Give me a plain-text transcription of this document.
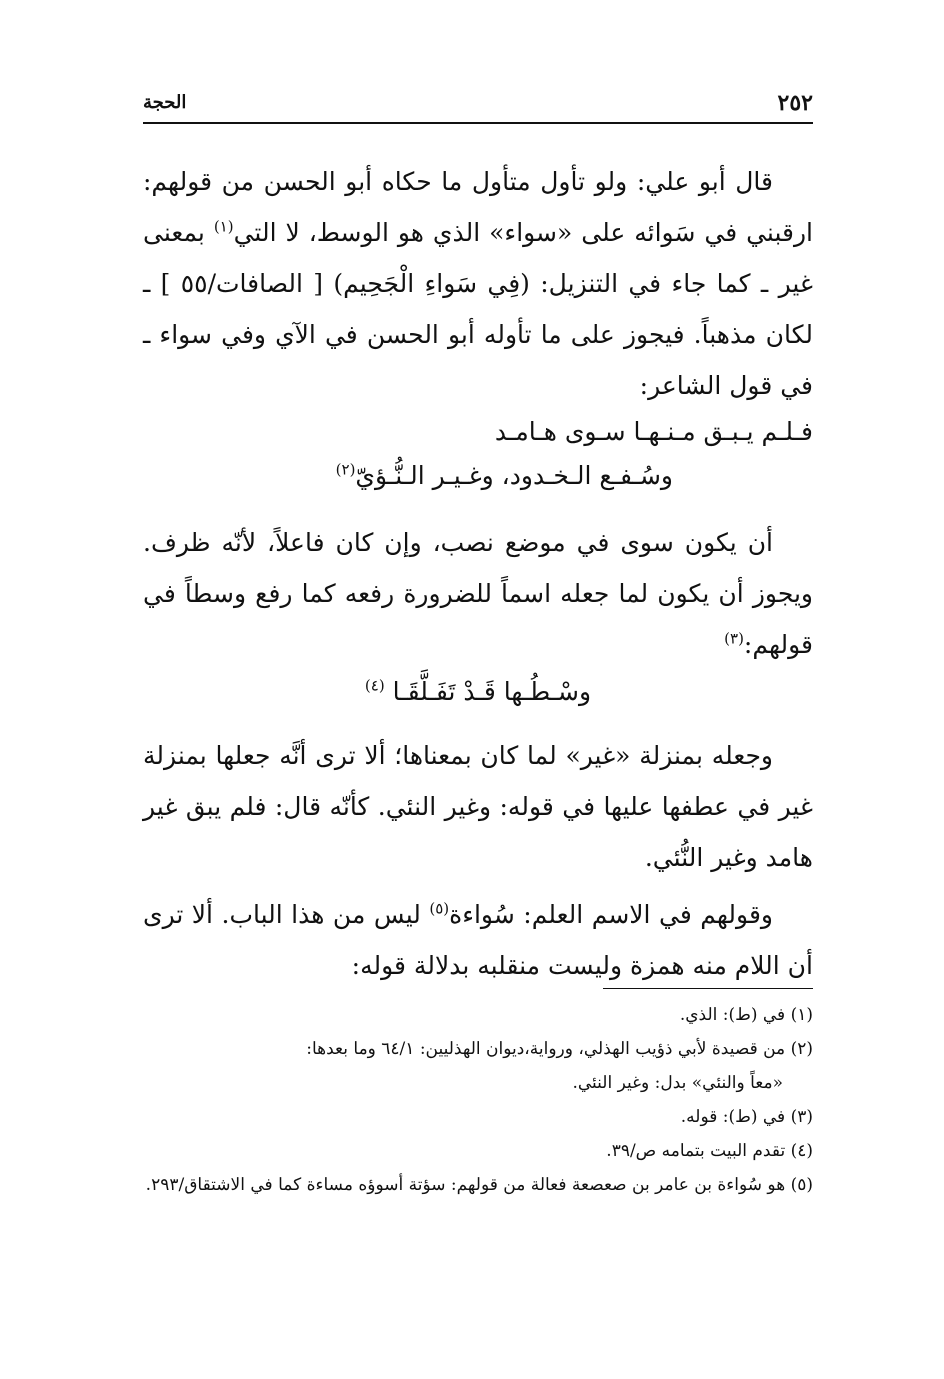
٢٥٢
الحجة

قال أبو علي: ولو تأول متأول ما حكاه أبو الحسن من قولهم: ارقبني في سَوائه على «سواء» الذي هو الوسط، لا التي$^{(١)}$ بمعنى غير ـ كما جاء في التنزيل: (فِي سَواءِ الْجَحِيم) [ الصافات/٥٥ ] ـ لكان مذهباً. فيجوز على ما تأوله أبو الحسن في الآي وفي سواء ـ في قول الشاعر:

فـلـم يـبـق مـنـهـا سـوى هـامـد
وسُـفـع الـخـدود، وغـيـر الـنُّـؤيّ$^{(٢)}$

أن يكون سوى في موضع نصب، وإن كان فاعلاً، لأنّه ظرف. ويجوز أن يكون لما جعله اسماً للضرورة رفعه كما رفع وسطاً في قولهم:$^{(٣)}$

وسْـطُـها قَـدْ تَفَـلَّقَـا $^{(٤)}$

وجعله بمنزلة «غير» لما كان بمعناها؛ ألا ترى أنَّه جعلها بمنزلة غير في عطفها عليها في قوله: وغير النئي. كأنّه قال: فلم يبق غير هامد وغير النُّئي.

وقولهم في الاسم العلم: سُواءة$^{(٥)}$ ليس من هذا الباب. ألا ترى أن اللام منه همزة وليست منقلبه بدلالة قوله:

(١) في (ط): الذي.

(٢) من قصيدة لأبي ذؤيب الهذلي، ورواية،ديوان الهذليين: ٦٤/١ وما بعدها:

«معاً والنئي» بدل: وغير النئي.

(٣) في (ط): قوله.

(٤) تقدم البيت بتمامه ص/٣٩.

(٥) هو سُواءة بن عامر بن صعصعة فعالة من قولهم: سؤتة أسوؤه مساءة كما في الاشتقاق/٢٩٣.
